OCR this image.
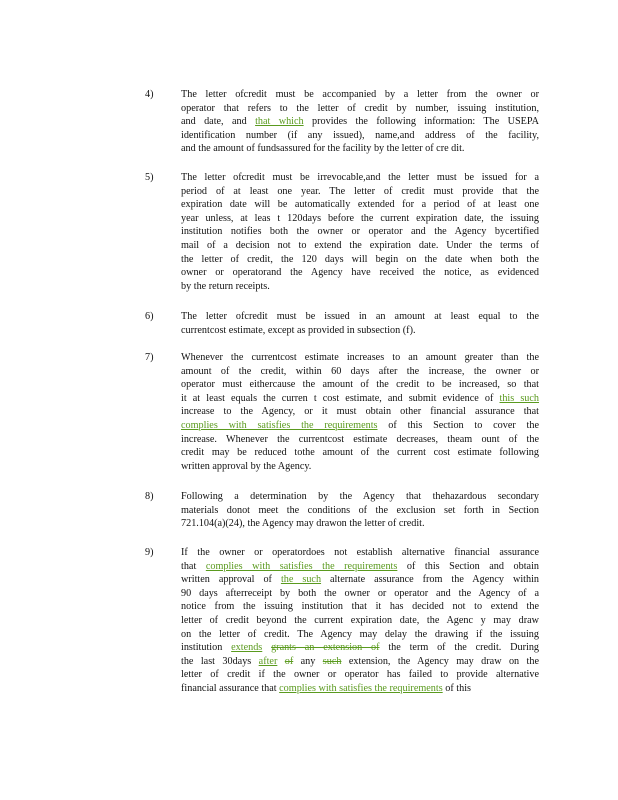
4)	The letter ofcredit must be accompanied by a letter from the owner or
operator that refers to the letter of credit by number, issuing institution,
and date, and that which provides the following information: The USEPA
identification number (if any issued), name,and address of the facility,
and the amount of fundsassured for the facility by the letter of cre dit.
5)	The letter ofcredit must be irrevocable,and the letter must be issued for a
period of at least one year. The letter of credit must provide that the
expiration date will be automatically extended for a period of at least one
year unless, at leas t 120days before the current expiration date, the issuing
institution notifies both the owner or operator and the Agency bycertified
mail of a decision not to extend the expiration date. Under the terms of
the letter of credit, the 120 days will begin on the date when both the
owner or operatorand the Agency have received the notice, as evidenced
by the return receipts.
6)	The letter ofcredit must be issued in an amount at least equal to the
currentcost estimate, except as provided in subsection (f).
7)	Whenever the currentcost estimate increases to an amount greater than the
amount of the credit, within 60 days after the increase, the owner or
operator must eithercause the amount of the credit to be increased, so that
it at least equals the curren t cost estimate, and submit evidence of this such
increase to the Agency, or it must obtain other financial assurance that
complies with satisfies the requirements of this Section to cover the
increase. Whenever the currentcost estimate decreases, theam ount of the
credit may be reduced tothe amount of the current cost estimate following
written approval by the Agency.
8)	Following a determination by the Agency that thehazardous secondary
materials donot meet the conditions of the exclusion set forth in Section
721.104(a)(24), the Agency may drawon the letter of credit.
9)	If the owner or operatordoes not establish alternative financial assurance
that complies with satisfies the requirements of this Section and obtain
written approval of the such alternate assurance from the Agency within
90 days afterreceipt by both the owner or operator and the Agency of a
notice from the issuing institution that it has decided not to extend the
letter of credit beyond the current expiration date, the Agenc y may draw
on the letter of credit. The Agency may delay the drawing if the issuing
institution extends grants an extension of the term of the credit. During
the last 30days after of any such extension, the Agency may draw on the
letter of credit if the owner or operator has failed to provide alternative
financial assurance that complies with satisfies the requirements of this
